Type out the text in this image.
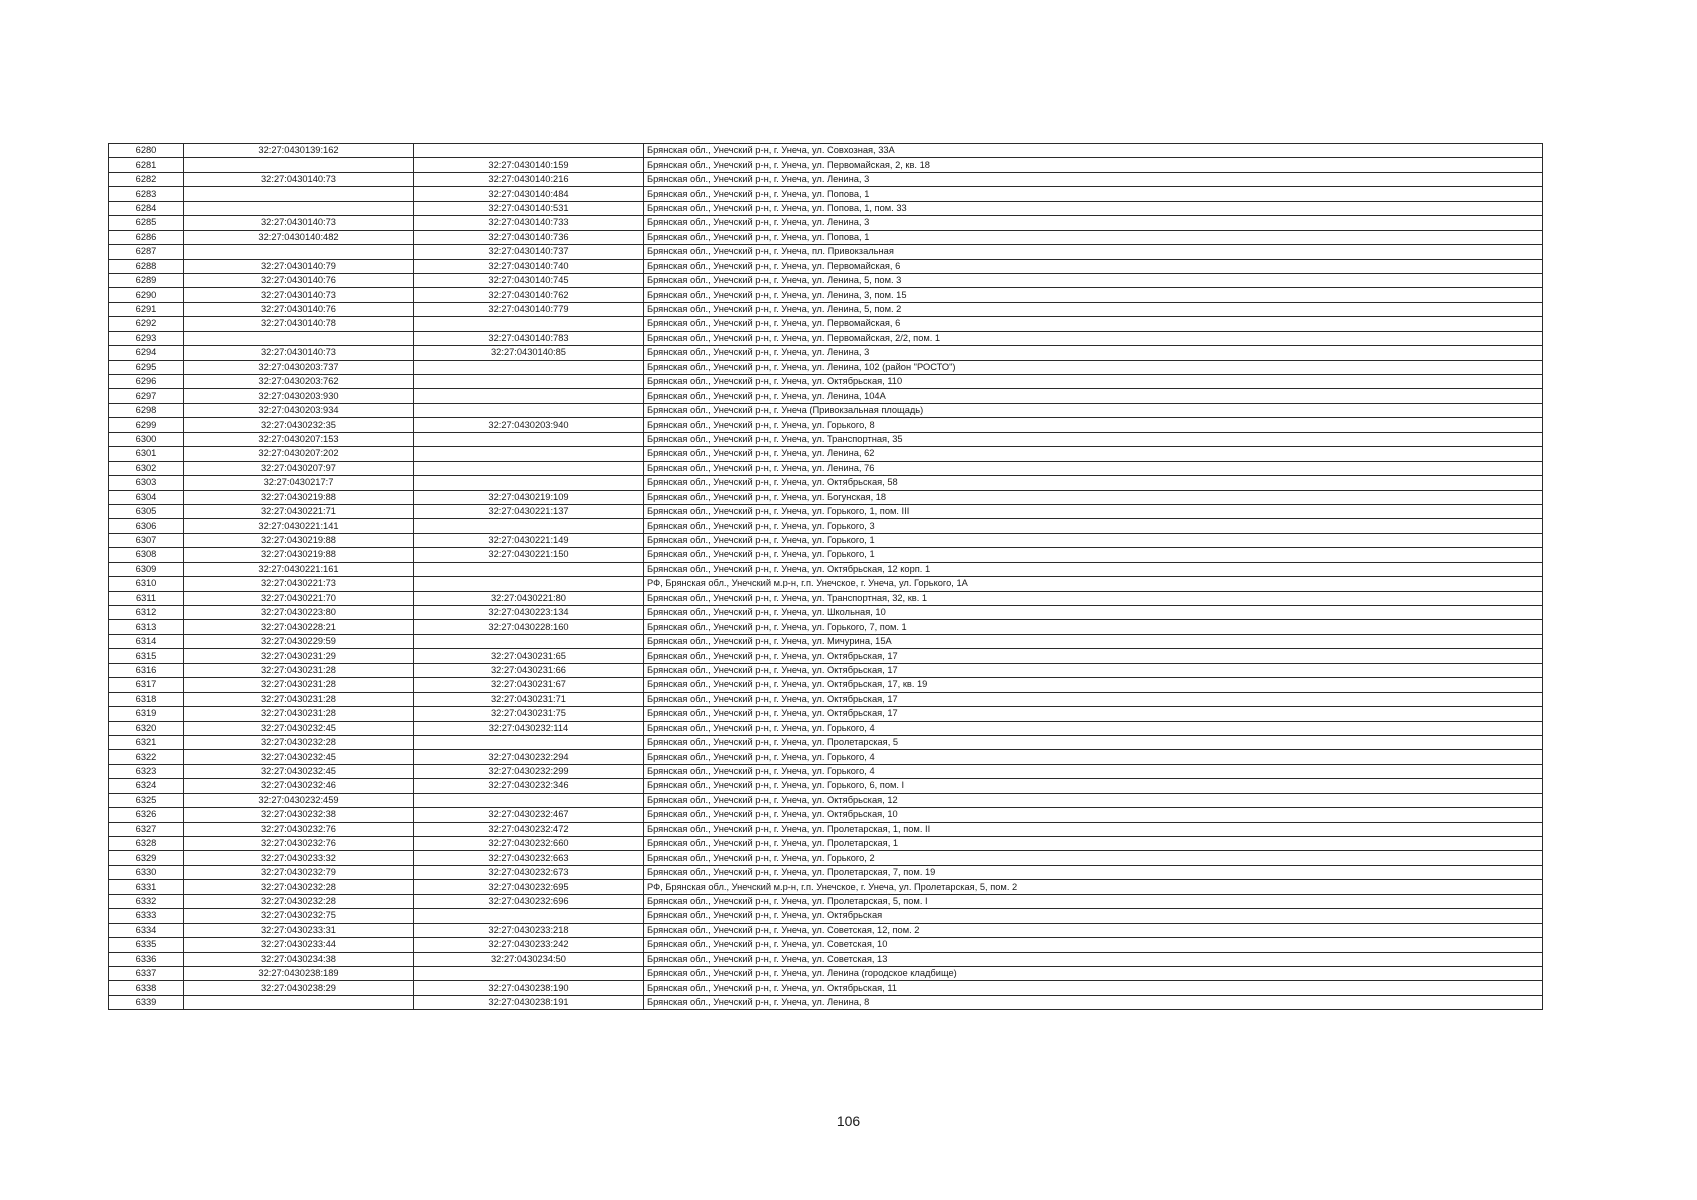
6280	32:27:0430139:162		Брянская обл., Унечский р-н, г. Унеча, ул. Совхозная, 33А
6281		32:27:0430140:159	Брянская обл., Унечский р-н, г. Унеча, ул. Первомайская, 2, кв. 18
6282	32:27:0430140:73	32:27:0430140:216	Брянская обл., Унечский р-н, г. Унеча, ул. Ленина, 3
6283		32:27:0430140:484	Брянская обл., Унечский р-н, г. Унеча, ул. Попова, 1
6284		32:27:0430140:531	Брянская обл., Унечский р-н, г. Унеча, ул. Попова, 1, пом. 33
6285	32:27:0430140:73	32:27:0430140:733	Брянская обл., Унечский р-н, г. Унеча, ул. Ленина, 3
6286	32:27:0430140:482	32:27:0430140:736	Брянская обл., Унечский р-н, г. Унеча, ул. Попова, 1
6287		32:27:0430140:737	Брянская обл., Унечский р-н, г. Унеча, пл. Привокзальная
6288	32:27:0430140:79	32:27:0430140:740	Брянская обл., Унечский р-н, г. Унеча, ул. Первомайская, 6
6289	32:27:0430140:76	32:27:0430140:745	Брянская обл., Унечский р-н, г. Унеча, ул. Ленина, 5, пом. 3
6290	32:27:0430140:73	32:27:0430140:762	Брянская обл., Унечский р-н, г. Унеча, ул. Ленина, 3, пом. 15
6291	32:27:0430140:76	32:27:0430140:779	Брянская обл., Унечский р-н, г. Унеча, ул. Ленина, 5, пом. 2
6292	32:27:0430140:78		Брянская обл., Унечский р-н, г. Унеча, ул. Первомайская, 6
6293		32:27:0430140:783	Брянская обл., Унечский р-н, г. Унеча, ул. Первомайская, 2/2, пом. 1
6294	32:27:0430140:73	32:27:0430140:85	Брянская обл., Унечский р-н, г. Унеча, ул. Ленина, 3
6295	32:27:0430203:737		Брянская обл., Унечский р-н, г. Унеча, ул. Ленина, 102 (район "РОСТО")
6296	32:27:0430203:762		Брянская обл., Унечский р-н, г. Унеча, ул. Октябрьская, 110
6297	32:27:0430203:930		Брянская обл., Унечский р-н, г. Унеча, ул. Ленина, 104А
6298	32:27:0430203:934		Брянская обл., Унечский р-н, г. Унеча (Привокзальная площадь)
6299	32:27:0430232:35	32:27:0430203:940	Брянская обл., Унечский р-н, г. Унеча, ул. Горького, 8
6300	32:27:0430207:153		Брянская обл., Унечский р-н, г. Унеча, ул. Транспортная, 35
6301	32:27:0430207:202		Брянская обл., Унечский р-н, г. Унеча, ул. Ленина, 62
6302	32:27:0430207:97		Брянская обл., Унечский р-н, г. Унеча, ул. Ленина, 76
6303	32:27:0430217:7		Брянская обл., Унечский р-н, г. Унеча, ул. Октябрьская, 58
6304	32:27:0430219:88	32:27:0430219:109	Брянская обл., Унечский р-н, г. Унеча, ул. Богунская, 18
6305	32:27:0430221:71	32:27:0430221:137	Брянская обл., Унечский р-н, г. Унеча, ул. Горького, 1, пом. III
6306	32:27:0430221:141		Брянская обл., Унечский р-н, г. Унеча, ул. Горького, 3
6307	32:27:0430219:88	32:27:0430221:149	Брянская обл., Унечский р-н, г. Унеча, ул. Горького, 1
6308	32:27:0430219:88	32:27:0430221:150	Брянская обл., Унечский р-н, г. Унеча, ул. Горького, 1
6309	32:27:0430221:161		Брянская обл., Унечский р-н, г. Унеча, ул. Октябрьская, 12 корп. 1
6310	32:27:0430221:73		РФ, Брянская обл., Унечский м.р-н, г.п. Унечское, г. Унеча, ул. Горького, 1А
6311	32:27:0430221:70	32:27:0430221:80	Брянская обл., Унечский р-н, г. Унеча, ул. Транспортная, 32, кв. 1
6312	32:27:0430223:80	32:27:0430223:134	Брянская обл., Унечский р-н, г. Унеча, ул. Школьная, 10
6313	32:27:0430228:21	32:27:0430228:160	Брянская обл., Унечский р-н, г. Унеча, ул. Горького, 7, пом. 1
6314	32:27:0430229:59		Брянская обл., Унечский р-н, г. Унеча, ул. Мичурина, 15А
6315	32:27:0430231:29	32:27:0430231:65	Брянская обл., Унечский р-н, г. Унеча, ул. Октябрьская, 17
6316	32:27:0430231:28	32:27:0430231:66	Брянская обл., Унечский р-н, г. Унеча, ул. Октябрьская, 17
6317	32:27:0430231:28	32:27:0430231:67	Брянская обл., Унечский р-н, г. Унеча, ул. Октябрьская, 17, кв. 19
6318	32:27:0430231:28	32:27:0430231:71	Брянская обл., Унечский р-н, г. Унеча, ул. Октябрьская, 17
6319	32:27:0430231:28	32:27:0430231:75	Брянская обл., Унечский р-н, г. Унеча, ул. Октябрьская, 17
6320	32:27:0430232:45	32:27:0430232:114	Брянская обл., Унечский р-н, г. Унеча, ул. Горького, 4
6321	32:27:0430232:28		Брянская обл., Унечский р-н, г. Унеча, ул. Пролетарская, 5
6322	32:27:0430232:45	32:27:0430232:294	Брянская обл., Унечский р-н, г. Унеча, ул. Горького, 4
6323	32:27:0430232:45	32:27:0430232:299	Брянская обл., Унечский р-н, г. Унеча, ул. Горького, 4
6324	32:27:0430232:46	32:27:0430232:346	Брянская обл., Унечский р-н, г. Унеча, ул. Горького, 6, пом. I
6325	32:27:0430232:459		Брянская обл., Унечский р-н, г. Унеча, ул. Октябрьская, 12
6326	32:27:0430232:38	32:27:0430232:467	Брянская обл., Унечский р-н, г. Унеча, ул. Октябрьская, 10
6327	32:27:0430232:76	32:27:0430232:472	Брянская обл., Унечский р-н, г. Унеча, ул. Пролетарская, 1, пом. II
6328	32:27:0430232:76	32:27:0430232:660	Брянская обл., Унечский р-н, г. Унеча, ул. Пролетарская, 1
6329	32:27:0430233:32	32:27:0430232:663	Брянская обл., Унечский р-н, г. Унеча, ул. Горького, 2
6330	32:27:0430232:79	32:27:0430232:673	Брянская обл., Унечский р-н, г. Унеча, ул. Пролетарская, 7, пом. 19
6331	32:27:0430232:28	32:27:0430232:695	РФ, Брянская обл., Унечский м.р-н, г.п. Унечское, г. Унеча, ул. Пролетарская, 5, пом. 2
6332	32:27:0430232:28	32:27:0430232:696	Брянская обл., Унечский р-н, г. Унеча, ул. Пролетарская, 5, пом. I
6333	32:27:0430232:75		Брянская обл., Унечский р-н, г. Унеча, ул. Октябрьская
6334	32:27:0430233:31	32:27:0430233:218	Брянская обл., Унечский р-н, г. Унеча, ул. Советская, 12, пом. 2
6335	32:27:0430233:44	32:27:0430233:242	Брянская обл., Унечский р-н, г. Унеча, ул. Советская, 10
6336	32:27:0430234:38	32:27:0430234:50	Брянская обл., Унечский р-н, г. Унеча, ул. Советская, 13
6337	32:27:0430238:189		Брянская обл., Унечский р-н, г. Унеча, ул. Ленина (городское кладбище)
6338	32:27:0430238:29	32:27:0430238:190	Брянская обл., Унечский р-н, г. Унеча, ул. Октябрьская, 11
6339		32:27:0430238:191	Брянская обл., Унечский р-н, г. Унеча, ул. Ленина, 8
106
